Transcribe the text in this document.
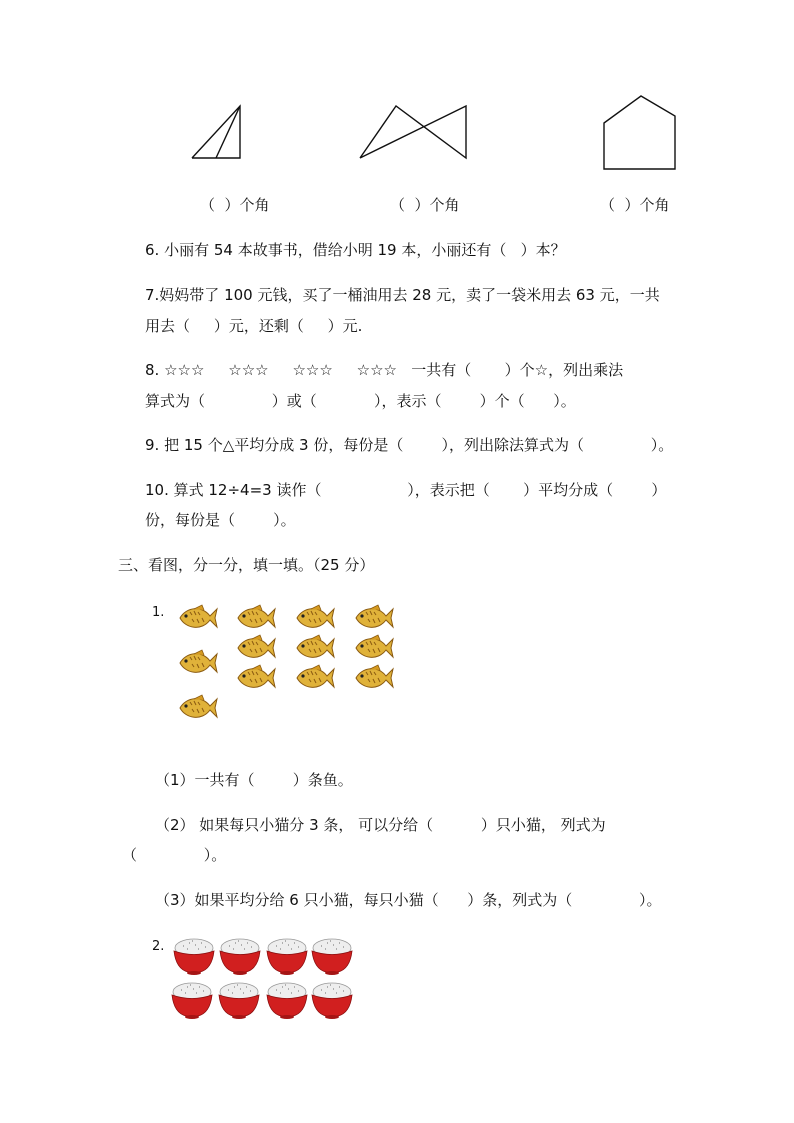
（  ）个角	（  ）个角	（  ）个角
6. 小丽有 54 本故事书，借给小明 19 本，小丽还有（   ）本？
7.妈妈带了 100 元钱，买了一桶油用去 28 元，卖了一袋米用去 63 元，一共
用去（     ）元，还剩（     ）元.
8. ☆☆☆     ☆☆☆     ☆☆☆     ☆☆☆   一共有（       ）个☆，列出乘法
算式为（              ）或（            ），表示（        ）个（      ）。
9. 把 15 个△平均分成 3 份，每份是（        ），列出除法算式为（              ）。
10. 算式 12÷4=3 读作（                  ），表示把（       ）平均分成（        ）
份，每份是（        ）。
三、看图，分一分，填一填。（25 分）
1.
（1）一共有（        ）条鱼。
（2） 如果每只小猫分 3 条， 可以分给（          ）只小猫， 列式为
（              ）。
（3）如果平均分给 6 只小猫，每只小猫（      ）条，列式为（              ）。
2.
